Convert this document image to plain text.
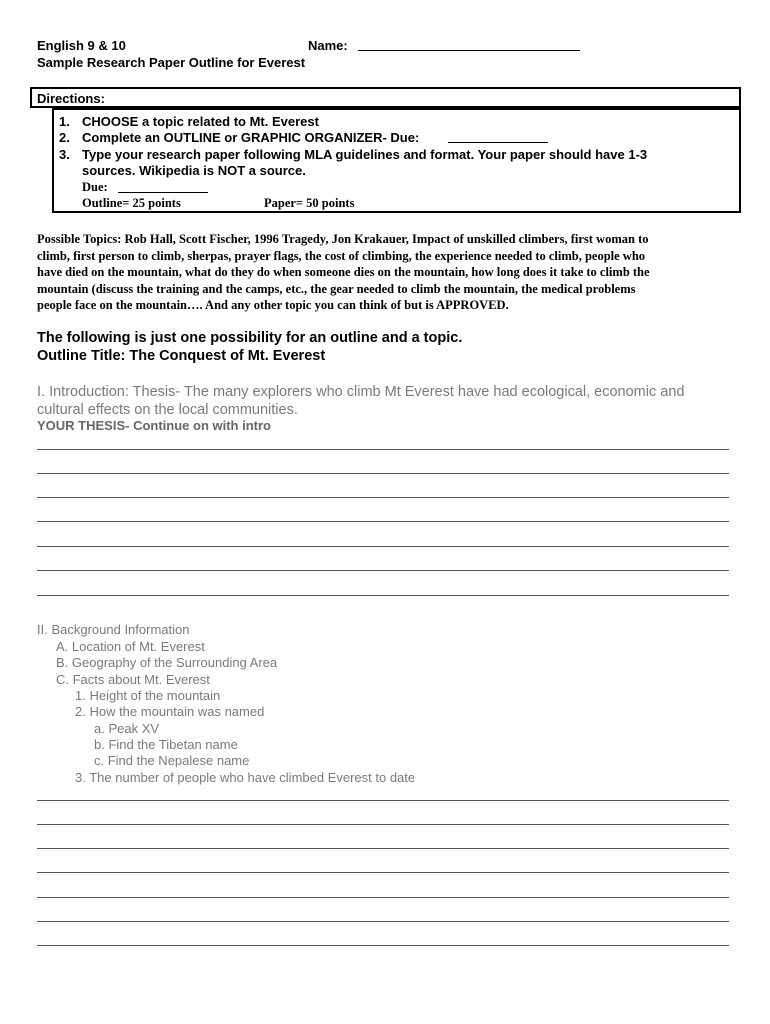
English 9 & 10	Name:
Sample Research Paper Outline for Everest
Directions:
1. CHOOSE a topic related to Mt. Everest
2. Complete an OUTLINE or GRAPHIC ORGANIZER- Due:
3. Type your research paper following MLA guidelines and format. Your paper should have 1-3
sources. Wikipedia is NOT a source.
Due:
Outline= 25 points	Paper= 50 points
Possible Topics: Rob Hall, Scott Fischer, 1996 Tragedy, Jon Krakauer, Impact of unskilled climbers, first woman to
climb, first person to climb, sherpas, prayer flags, the cost of climbing, the experience needed to climb, people who
have died on the mountain, what do they do when someone dies on the mountain, how long does it take to climb the
mountain (discuss the training and the camps, etc., the gear needed to climb the mountain, the medical problems
people face on the mountain…. And any other topic you can think of but is APPROVED.
The following is just one possibility for an outline and a topic.
Outline Title: The Conquest of Mt. Everest
I. Introduction: Thesis- The many explorers who climb Mt Everest have had ecological, economic and
cultural effects on the local communities.
YOUR THESIS- Continue on with intro
II. Background Information
A. Location of Mt. Everest
B. Geography of the Surrounding Area
C. Facts about Mt. Everest
1. Height of the mountain
2. How the mountain was named
a. Peak XV
b. Find the Tibetan name
c. Find the Nepalese name
3. The number of people who have climbed Everest to date
